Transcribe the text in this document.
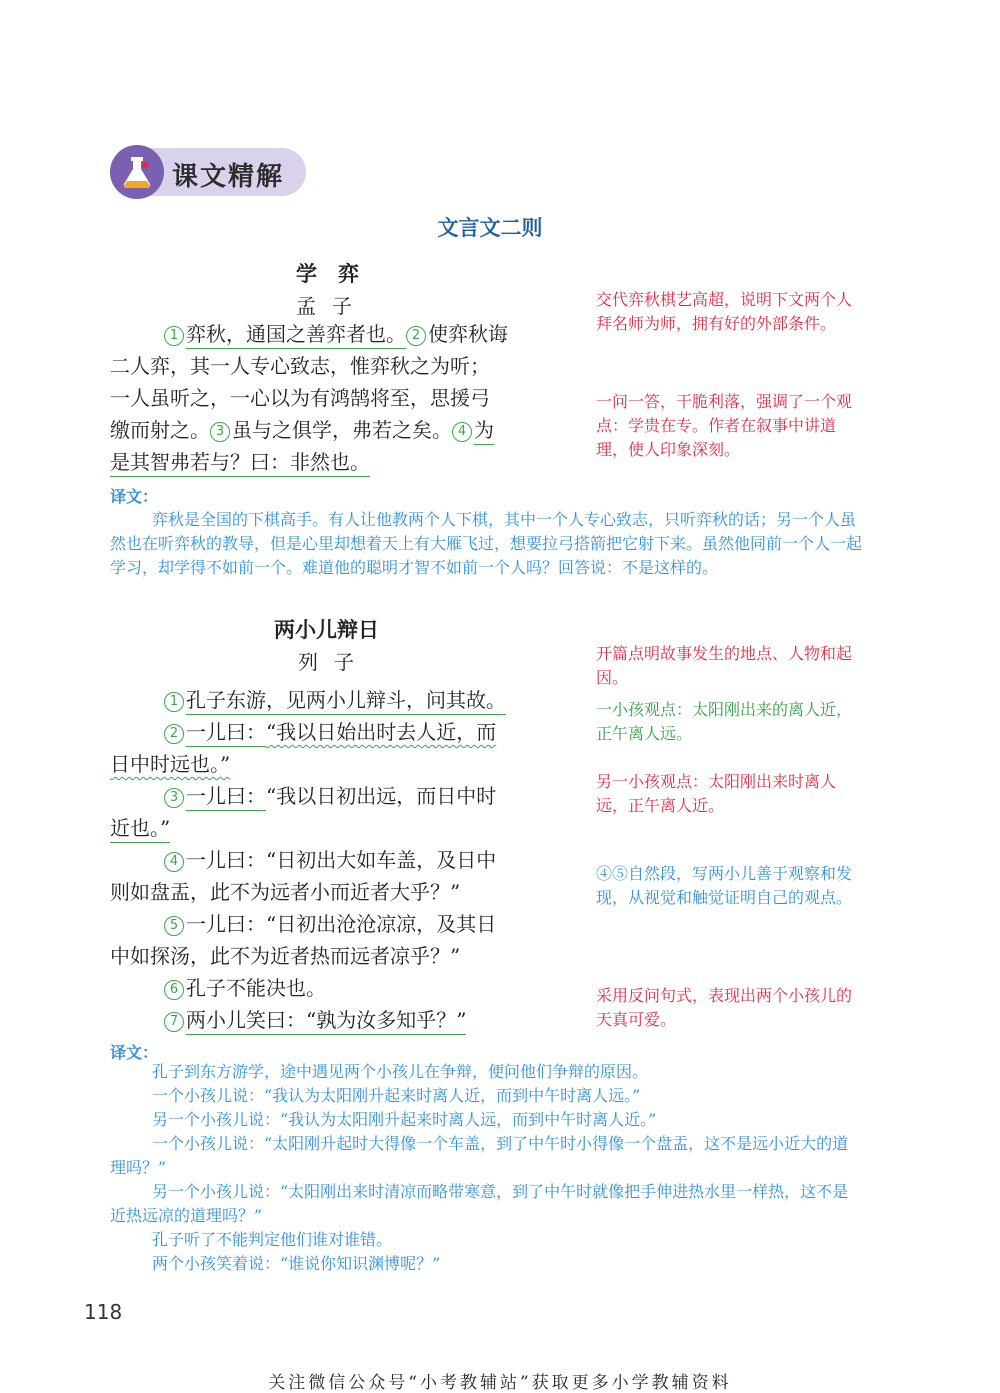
课文精解
文言文二则
学　弈
孟子
1 弈秋，通国之善弈者也。 2 使弈秋诲
二人弈，其一人专心致志，惟弈秋之为听；
一人虽听之，一心以为有鸿鹄将至，思援弓
缴而射之。 3 虽与之俱学，弗若之矣。 4 为
是其智弗若与？曰：非然也。
交代弈秋棋艺高超，说明下文两个人拜名师为师，拥有好的外部条件。
一问一答，干脆利落，强调了一个观点：学贵在专。作者在叙事中讲道理，使人印象深刻。
译文：
弈秋是全国的下棋高手。有人让他教两个人下棋，其中一个人专心致志，只听弈秋的话；另一个人虽然也在听弈秋的教导，但是心里却想着天上有大雁飞过，想要拉弓搭箭把它射下来。虽然他同前一个人一起学习，却学得不如前一个。难道他的聪明才智不如前一个人吗？回答说：不是这样的。
两小儿辩日
列子
1 孔子东游，见两小儿辩斗，问其故。
2 一儿曰：“我以日始出时去人近，而
日中时远也。”
3 一儿曰：“我以日初出远，而日中时
近也。”
4 一儿曰：“日初出大如车盖，及日中
则如盘盂，此不为远者小而近者大乎？”
5 一儿曰：“日初出沧沧凉凉，及其日
中如探汤，此不为近者热而远者凉乎？”
6 孔子不能决也。
7 两小儿笑曰：“孰为汝多知乎？”
开篇点明故事发生的地点、人物和起因。
一小孩观点：太阳刚出来的离人近，正午离人远。
另一小孩观点：太阳刚出来时离人远，正午离人近。
④⑤自然段，写两小儿善于观察和发现，从视觉和触觉证明自己的观点。
采用反问句式，表现出两个小孩儿的天真可爱。
译文：

孔子到东方游学，途中遇见两个小孩儿在争辩，便问他们争辩的原因。

一个小孩儿说：“我认为太阳刚升起来时离人近，而到中午时离人远。”

另一个小孩儿说：“我认为太阳刚升起来时离人远，而到中午时离人近。”

一个小孩儿说：“太阳刚升起时大得像一个车盖，到了中午时小得像一个盘盂，这不是远小近大的道理吗？”

另一个小孩儿说：“太阳刚出来时清凉而略带寒意，到了中午时就像把手伸进热水里一样热，这不是近热远凉的道理吗？”

孔子听了不能判定他们谁对谁错。

两个小孩笑着说：“谁说你知识渊博呢？”

118
关注微信公众号“小考教辅站”获取更多小学教辅资料
